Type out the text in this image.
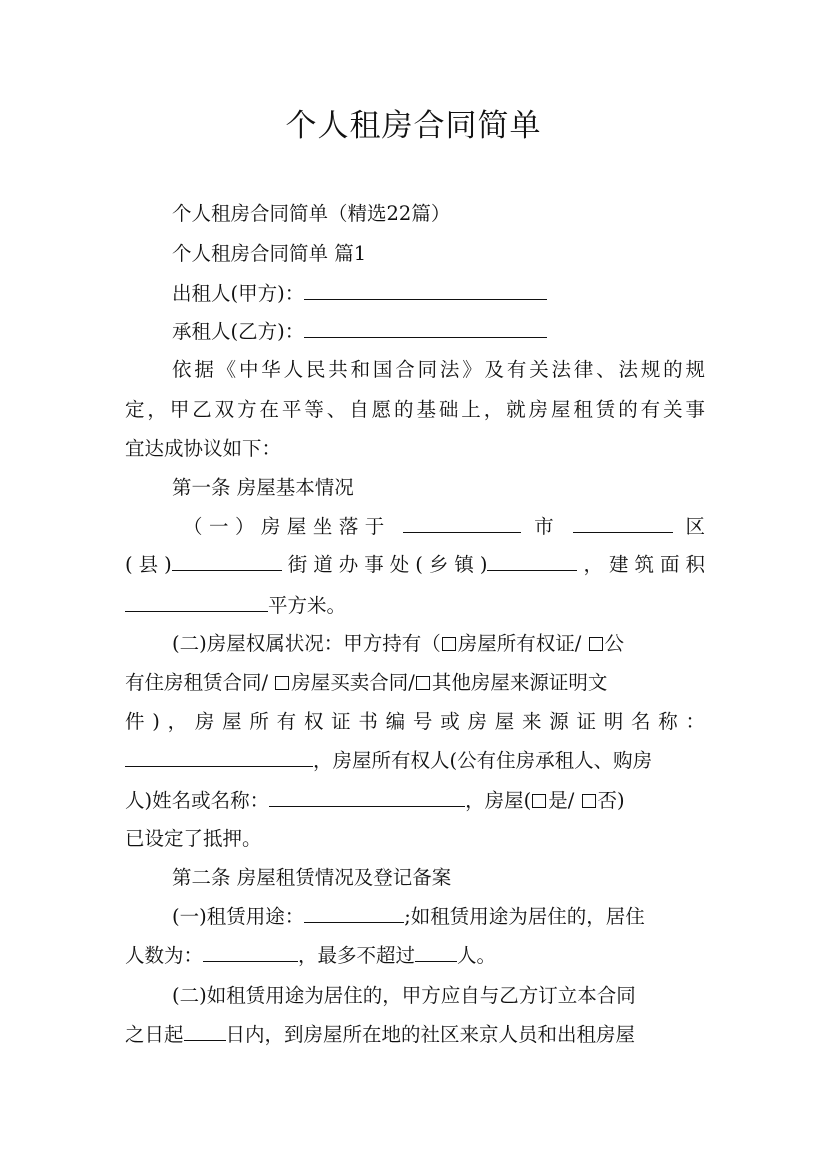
个人租房合同简单
个人租房合同简单（精选22篇）
个人租房合同简单 篇1
出租人(甲方)：
承租人(乙方)：
依据《中华人民共和国合同法》及有关法律、法规的规
定，甲乙双方在平等、自愿的基础上，就房屋租赁的有关事
宜达成协议如下：
第一条 房屋基本情况
（一）房屋坐落于	市	区
(县)	街道办事处(乡镇)	，建筑面积
平方米。
(二)房屋权属状况：甲方持有（ 房屋所有权证/ 公
有住房租赁合同/ 房屋买卖合同/ 其他房屋来源证明文
件)，房屋所有权证书编号或房屋来源证明名称：
，房屋所有权人(公有住房承租人、购房
人)姓名或名称：	，房屋( 是/ 否)
已设定了抵押。
第二条 房屋租赁情况及登记备案
(一)租赁用途：	;如租赁用途为居住的，居住
人数为：	，最多不超过 人。
(二)如租赁用途为居住的，甲方应自与乙方订立本合同
之日起 日内，到房屋所在地的社区来京人员和出租房屋
